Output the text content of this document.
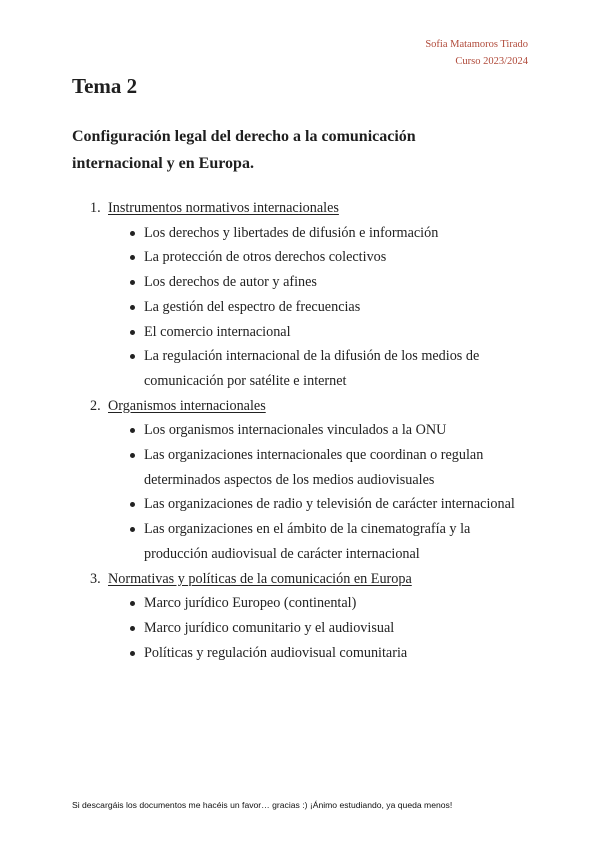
Sofia Matamoros Tirado
Curso 2023/2024
Tema 2
Configuración legal del derecho a la comunicación internacional y en Europa.
1. Instrumentos normativos internacionales
Los derechos y libertades de difusión e información
La protección de otros derechos colectivos
Los derechos de autor y afines
La gestión del espectro de frecuencias
El comercio internacional
La regulación internacional de la difusión de los medios de comunicación por satélite e internet
2. Organismos internacionales
Los organismos internacionales vinculados a la ONU
Las organizaciones internacionales que coordinan o regulan determinados aspectos de los medios audiovisuales
Las organizaciones de radio y televisión de carácter internacional
Las organizaciones en el ámbito de la cinematografía y la producción audiovisual de carácter internacional
3. Normativas y políticas de la comunicación en Europa
Marco jurídico Europeo (continental)
Marco jurídico comunitario y el audiovisual
Políticas y regulación audiovisual comunitaria
Si descargáis los documentos me hacéis un favor… gracias :) ¡Ánimo estudiando, ya queda menos!
